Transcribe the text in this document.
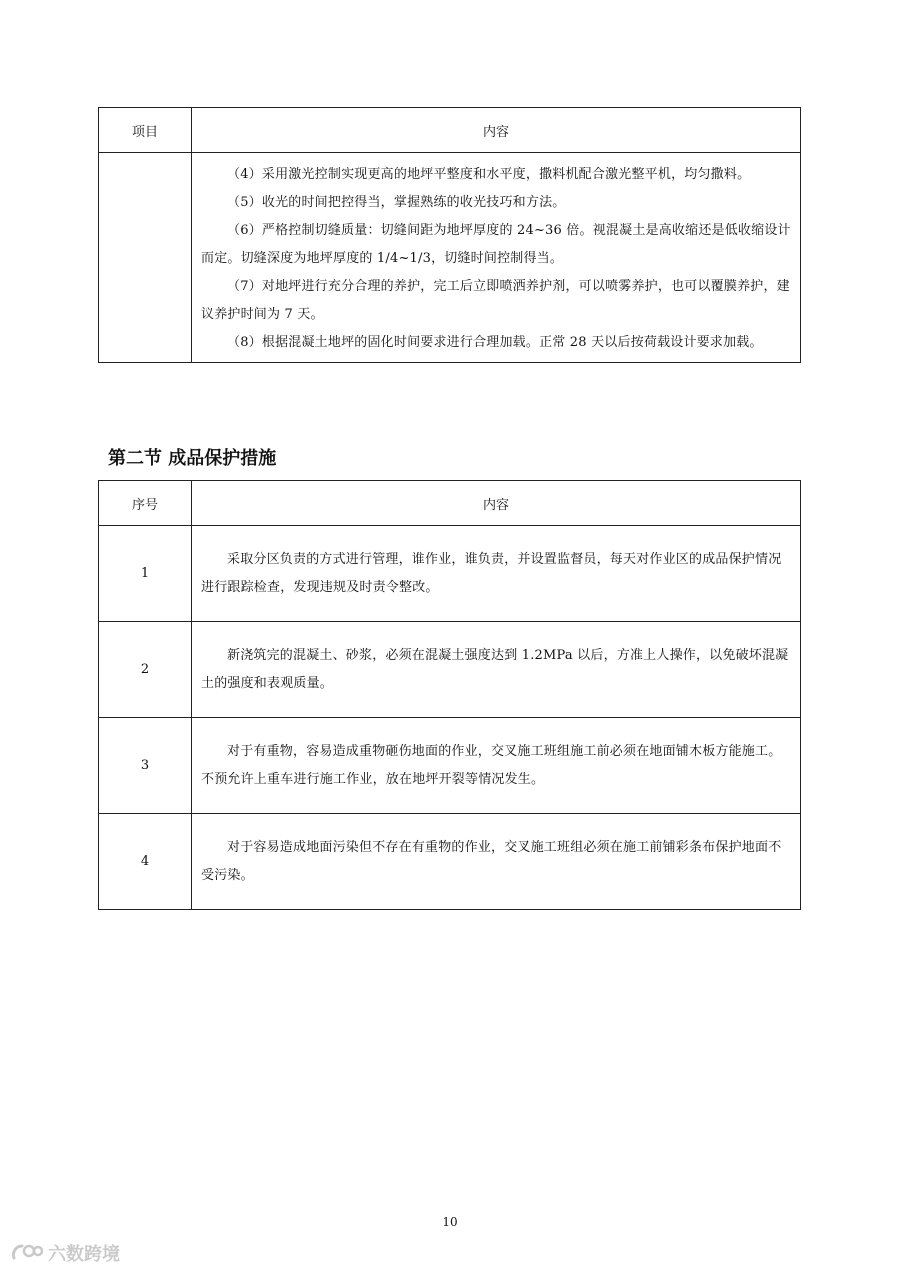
项目	内容

	（4）采用激光控制实现更高的地坪平整度和水平度，撒料机配合激光整平机，均匀撒料。

（5）收光的时间把控得当，掌握熟练的收光技巧和方法。

（6）严格控制切缝质量：切缝间距为地坪厚度的 24~36 倍。视混凝土是高收缩还是低收缩设计而定。切缝深度为地坪厚度的 1/4~1/3，切缝时间控制得当。

（7）对地坪进行充分合理的养护，完工后立即喷洒养护剂，可以喷雾养护，也可以覆膜养护，建议养护时间为 7 天。

（8）根据混凝土地坪的固化时间要求进行合理加载。正常 28 天以后按荷载设计要求加载。

第二节 成品保护措施
序号	内容
1	采取分区负责的方式进行管理，谁作业，谁负责，并设置监督员，每天对作业区的成品保护情况进行跟踪检查，发现违规及时责令整改。

2	新浇筑完的混凝土、砂浆，必须在混凝土强度达到 1.2MPa 以后，方准上人操作，以免破坏混凝土的强度和表观质量。

3	对于有重物，容易造成重物砸伤地面的作业，交叉施工班组施工前必须在地面铺木板方能施工。不预允许上重车进行施工作业，放在地坪开裂等情况发生。

4	对于容易造成地面污染但不存在有重物的作业，交叉施工班组必须在施工前铺彩条布保护地面不受污染。

10
六数跨境
